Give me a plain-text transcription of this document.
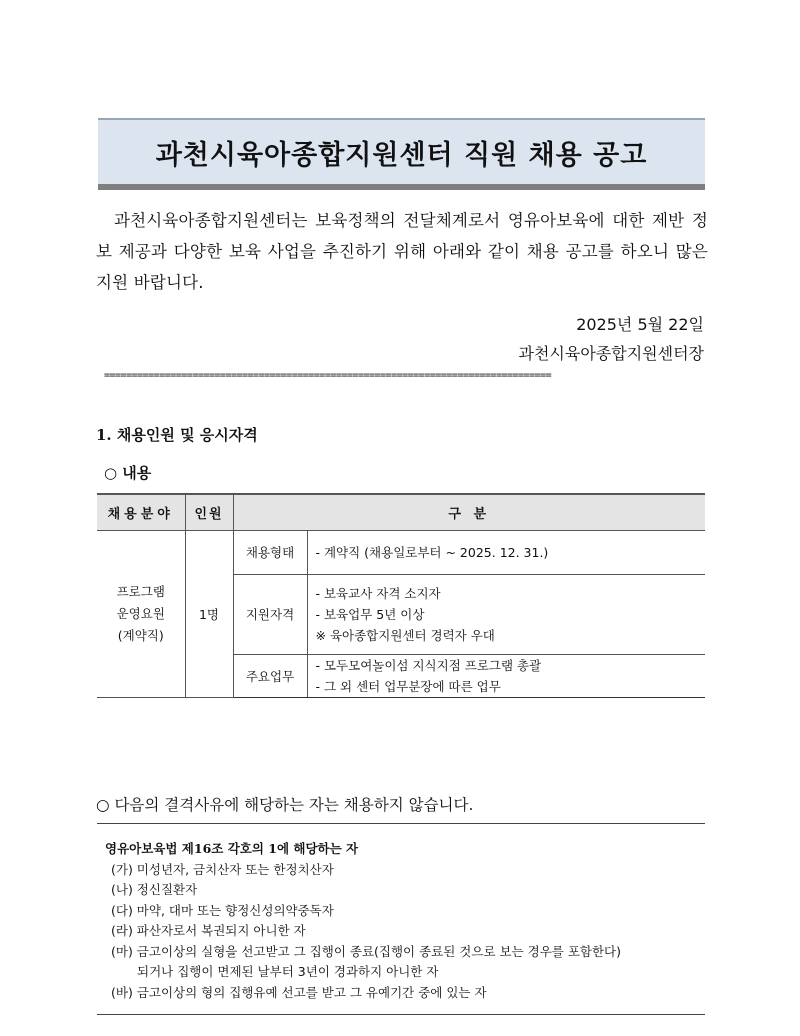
과천시육아종합지원센터 직원 채용 공고

과천시육아종합지원센터는 보육정책의 전달체계로서 영유아보육에 대한 제반 정보 제공과 다양한 보육 사업을 추진하기 위해 아래와 같이 채용 공고를 하오니 많은 지원 바랍니다.

2025년 5월 22일
과천시육아종합지원센터장
=================================================================================
1. 채용인원 및 응시자격
○ 내용
채용분야	인원	구 분	

프로그램
운영요원
(계약직)	1명	채용형태	- 계약직 (채용일로부터 ~ 2025. 12. 31.)

		지원자격	- 보육교사 자격 소지자
- 보육업무 5년 이상
※ 육아종합지원센터 경력자 우대

		주요업무	- 모두모여놀이섬 지식지점 프로그램 총괄
- 그 외 센터 업무분장에 따른 업무
○ 다음의 결격사유에 해당하는 자는 채용하지 않습니다.
영유아보육법 제16조 각호의 1에 해당하는 자
(가) 미성년자, 금치산자 또는 한정치산자
(나) 정신질환자
(다) 마약, 대마 또는 향정신성의약중독자
(라) 파산자로서 복권되지 아니한 자
(마) 금고이상의 실형을 선고받고 그 집행이 종료(집행이 종료된 것으로 보는 경우를 포함한다)
되거나 집행이 면제된 날부터 3년이 경과하지 아니한 자
(바) 금고이상의 형의 집행유예 선고를 받고 그 유예기간 중에 있는 자
